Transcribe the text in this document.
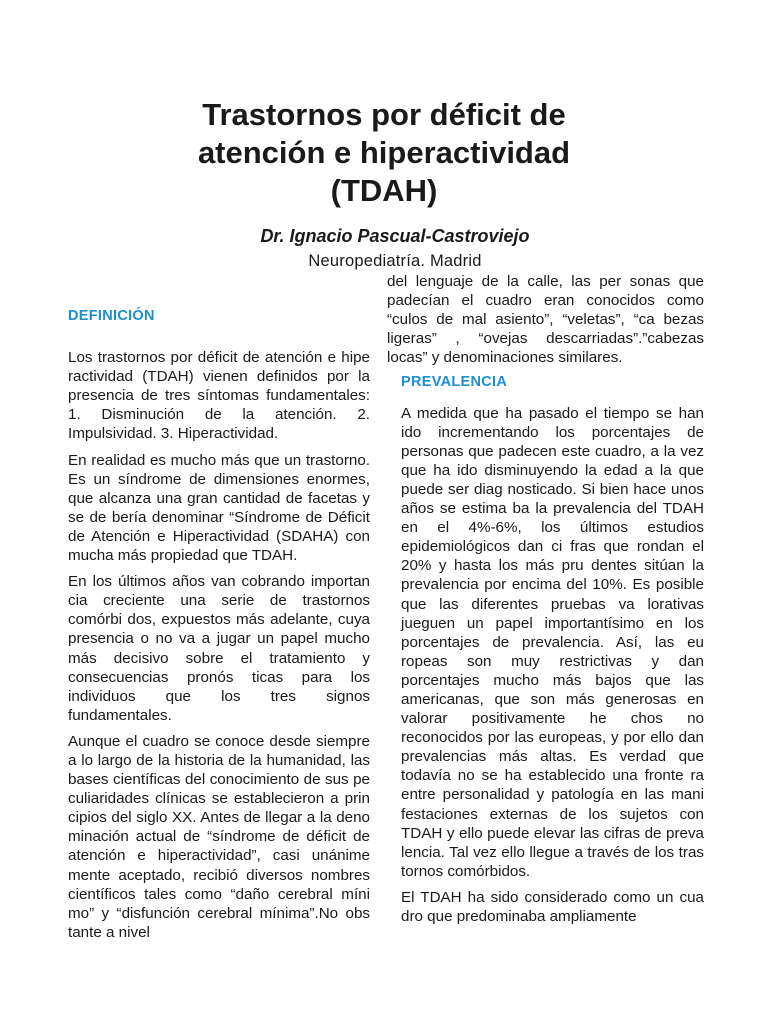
Trastornos por déficit de
atención e hiperactividad
(TDAH)
Dr. Ignacio Pascual-Castroviejo
Neuropediatría. Madrid
DEFINICIÓN

Los trastornos por déficit de atención e hipe ractividad (TDAH) vienen definidos por la presencia de tres síntomas fundamentales: 1. Disminución de la atención. 2. Impulsividad. 3. Hiperactividad.

En realidad es mucho más que un trastorno. Es un síndrome de dimensiones enormes, que alcanza una gran cantidad de facetas y se de bería denominar “Síndrome de Déficit de Atención e Hiperactividad (SDAHA) con mucha más propiedad que TDAH.

En los últimos años van cobrando importan cia creciente una serie de trastornos comórbi dos, expuestos más adelante, cuya presencia o no va a jugar un papel mucho más decisivo sobre el tratamiento y consecuencias pronós ticas para los individuos que los tres signos fundamentales.

Aunque el cuadro se conoce desde siempre a lo largo de la historia de la humanidad, las bases científicas del conocimiento de sus pe culiaridades clínicas se establecieron a prin cipios del siglo XX. Antes de llegar a la deno minación actual de “síndrome de déficit de atención e hiperactividad”, casi unánime mente aceptado, recibió diversos nombres científicos tales como “daño cerebral míni mo” y “disfunción cerebral mínima”.No obs tante a nivel

del lenguaje de la calle, las per sonas que padecían el cuadro eran conocidos como “culos de mal asiento”, “veletas”, “ca bezas ligeras” , “ovejas descarriadas”.”cabezas locas” y denominaciones similares.

PREVALENCIA

A medida que ha pasado el tiempo se han ido incrementando los porcentajes de personas que padecen este cuadro, a la vez que ha ido disminuyendo la edad a la que puede ser diag nosticado. Si bien hace unos años se estima ba la prevalencia del TDAH en el 4%-6%, los últimos estudios epidemiológicos dan ci fras que rondan el 20% y hasta los más pru dentes sitúan la prevalencia por encima del 10%. Es posible que las diferentes pruebas va lorativas jueguen un papel importantísimo en los porcentajes de prevalencia. Así, las eu ropeas son muy restrictivas y dan porcentajes mucho más bajos que las americanas, que son más generosas en valorar positivamente he chos no reconocidos por las europeas, y por ello dan prevalencias más altas. Es verdad que todavía no se ha establecido una fronte ra entre personalidad y patología en las mani festaciones externas de los sujetos con TDAH y ello puede elevar las cifras de preva lencia. Tal vez ello llegue a través de los tras tornos comórbidos.

El TDAH ha sido considerado como un cua dro que predominaba ampliamente
